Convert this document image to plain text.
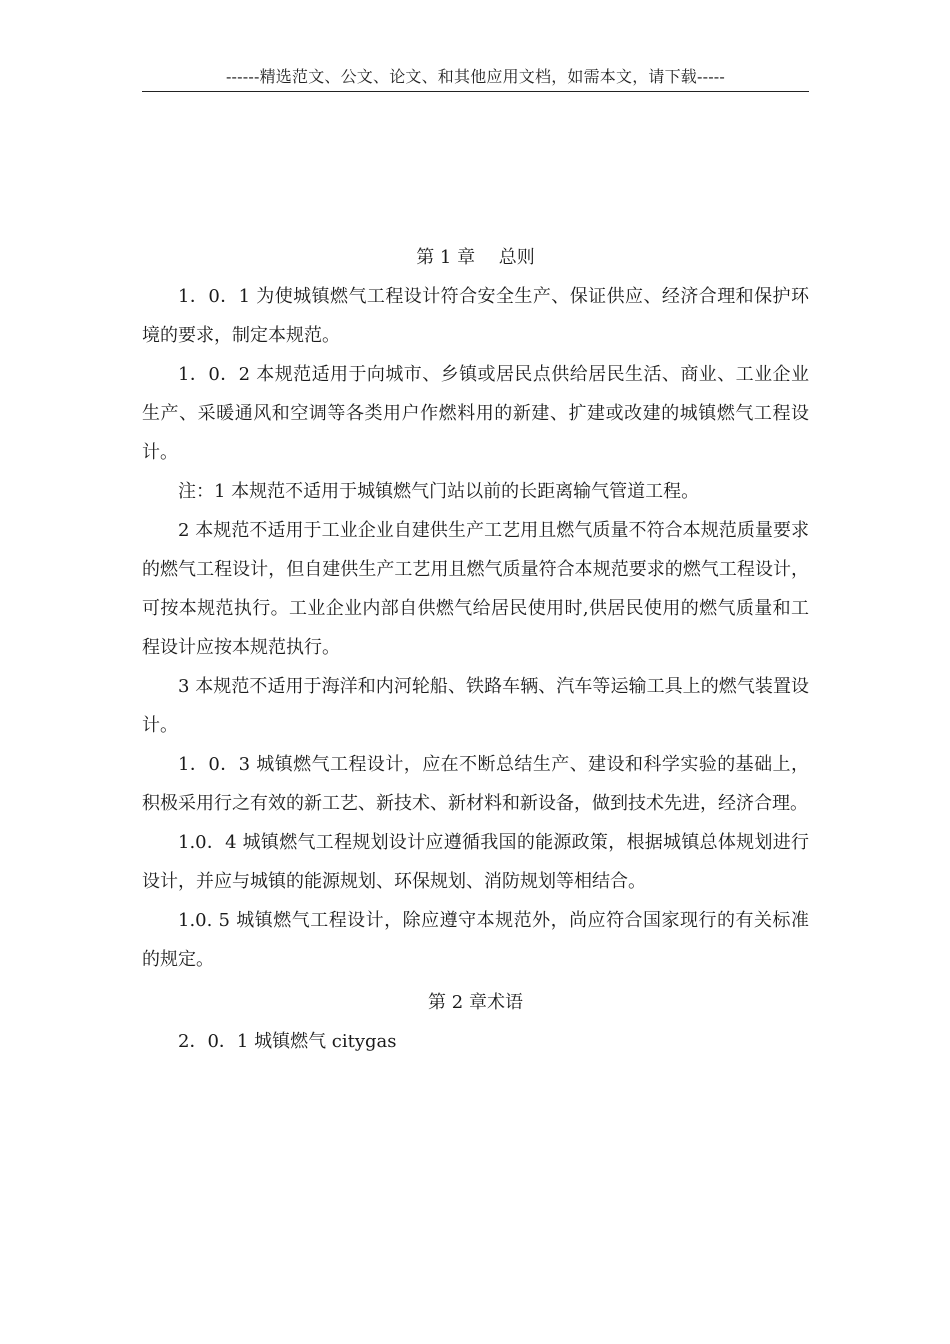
------精选范文、公文、论文、和其他应用文档，如需本文，请下载-----
第 1 章　 总则

1．0．1 为使城镇燃气工程设计符合安全生产、保证供应、经济合理和保护环境的要求，制定本规范。

1．0．2 本规范适用于向城市、乡镇或居民点供给居民生活、商业、工业企业生产、采暖通风和空调等各类用户作燃料用的新建、扩建或改建的城镇燃气工程设计。

注：1 本规范不适用于城镇燃气门站以前的长距离输气管道工程。

2 本规范不适用于工业企业自建供生产工艺用且燃气质量不符合本规范质量要求的燃气工程设计，但自建供生产工艺用且燃气质量符合本规范要求的燃气工程设计，可按本规范执行。工业企业内部自供燃气给居民使用时,供居民使用的燃气质量和工程设计应按本规范执行。

3 本规范不适用于海洋和内河轮船、铁路车辆、汽车等运输工具上的燃气装置设计。

1．0．3 城镇燃气工程设计，应在不断总结生产、建设和科学实验的基础上，积极采用行之有效的新工艺、新技术、新材料和新设备，做到技术先进，经济合理。

1.0．4 城镇燃气工程规划设计应遵循我国的能源政策，根据城镇总体规划进行设计，并应与城镇的能源规划、环保规划、消防规划等相结合。

1.0. 5 城镇燃气工程设计，除应遵守本规范外，尚应符合国家现行的有关标准的规定。

第 2 章术语

2．0．1 城镇燃气 citygas
